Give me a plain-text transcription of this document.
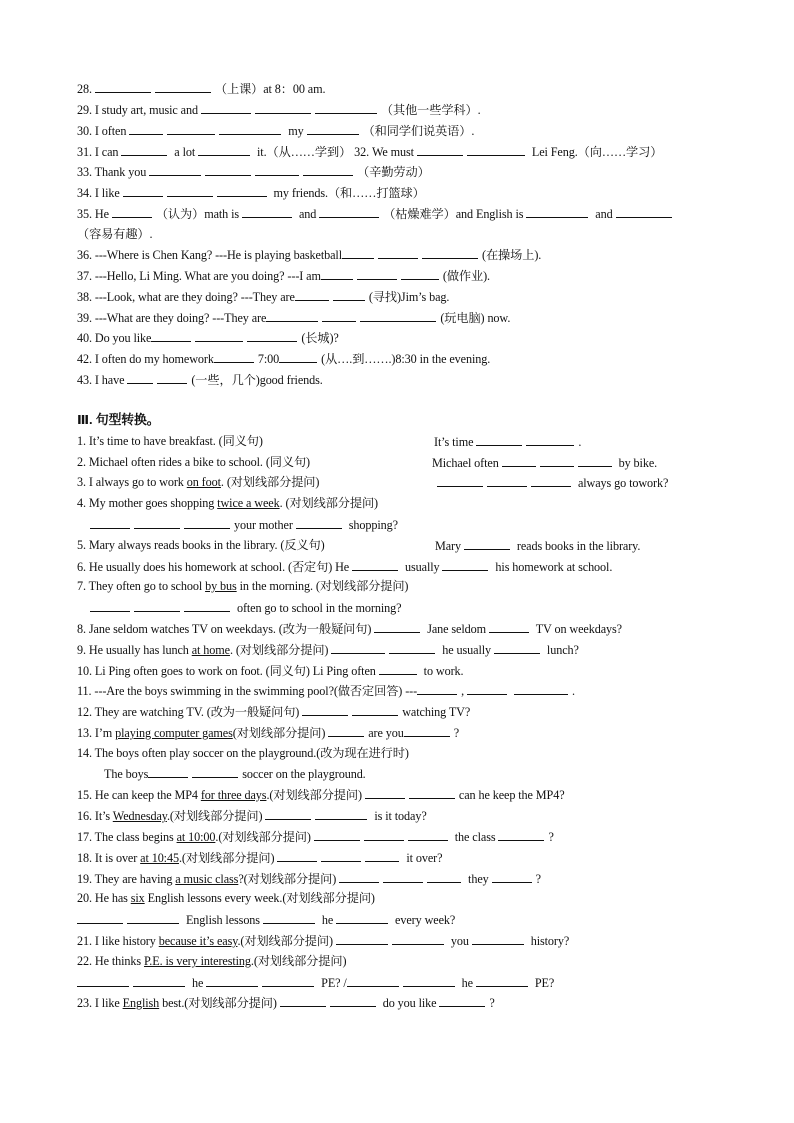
28.	（上课）at 8：00 am.
29. I study art, music and	（其他一些学科）.
30. I often	my	（和同学们说英语）.
31. I can	a lot	it.（从……学到） 32. We must	Lei Feng.（向……学习）
33. Thank you	（辛勤劳动）
34. I like	my friends.（和……打篮球）
35. He	（认为）math is	and	（枯燥难学）and English is	and
（容易有趣）.
36. ---Where is Chen Kang? ---He is playing basketball	(在操场上).
37. ---Hello, Li Ming. What are you doing? ---I am	(做作业).
38. ---Look, what are they doing? ---They are	(寻找)Jim’s bag.
39. ---What are they doing? ---They are	(玩电脑) now.
40. Do you like	(长城)?
42. I often do my homework	7:00	(从….到…….)8:30 in the evening.
43. I have	(一些，几个)good friends.
Ⅲ. 句型转换。
1. It’s time to have breakfast. (同义句)	It’s time	.
2. Michael often rides a bike to school. (同义句)	Michael often	by bike.
3. I always go to work on foot. (对划线部分提问)	always go towork?
4. My mother goes shopping twice a week. (对划线部分提问)
your mother	shopping?
5. Mary always reads books in the library. (反义句)	Mary	reads books in the library.
6. He usually does his homework at school. (否定句) He	usually	his homework at school.
7. They often go to school by bus in the morning. (对划线部分提问)
often go to school in the morning?
8. Jane seldom watches TV on weekdays. (改为一般疑问句)	Jane seldom	TV on weekdays?
9. He usually has lunch at home. (对划线部分提问)	he usually	lunch?
10. Li Ping often goes to work on foot. (同义句) Li Ping often	to work.
11. ---Are the boys swimming in the swimming pool?(做否定回答) ---	,	.
12. They are watching TV. (改为一般疑问句)	watching TV?
13. I’m playing computer games(对划线部分提问)	are you	?
14. The boys often play soccer on the playground.(改为现在进行时)
The boys	soccer on the playground.
15. He can keep the MP4 for three days.(对划线部分提问)	can he keep the MP4?
16. It’s Wednesday.(对划线部分提问)	is it today?
17. The class begins at 10:00.(对划线部分提问)	the class	?
18. It is over at 10:45.(对划线部分提问)	it over?
19. They are having a music class?(对划线部分提问)	they	?
20. He has six English lessons every week.(对划线部分提问)
English lessons	he	every week?
21. I like history because it’s easy.(对划线部分提问)	you	history?
22. He thinks P.E. is very interesting.(对划线部分提问)
he	PE? /	he	PE?
23. I like English best.(对划线部分提问)	do you like	?
